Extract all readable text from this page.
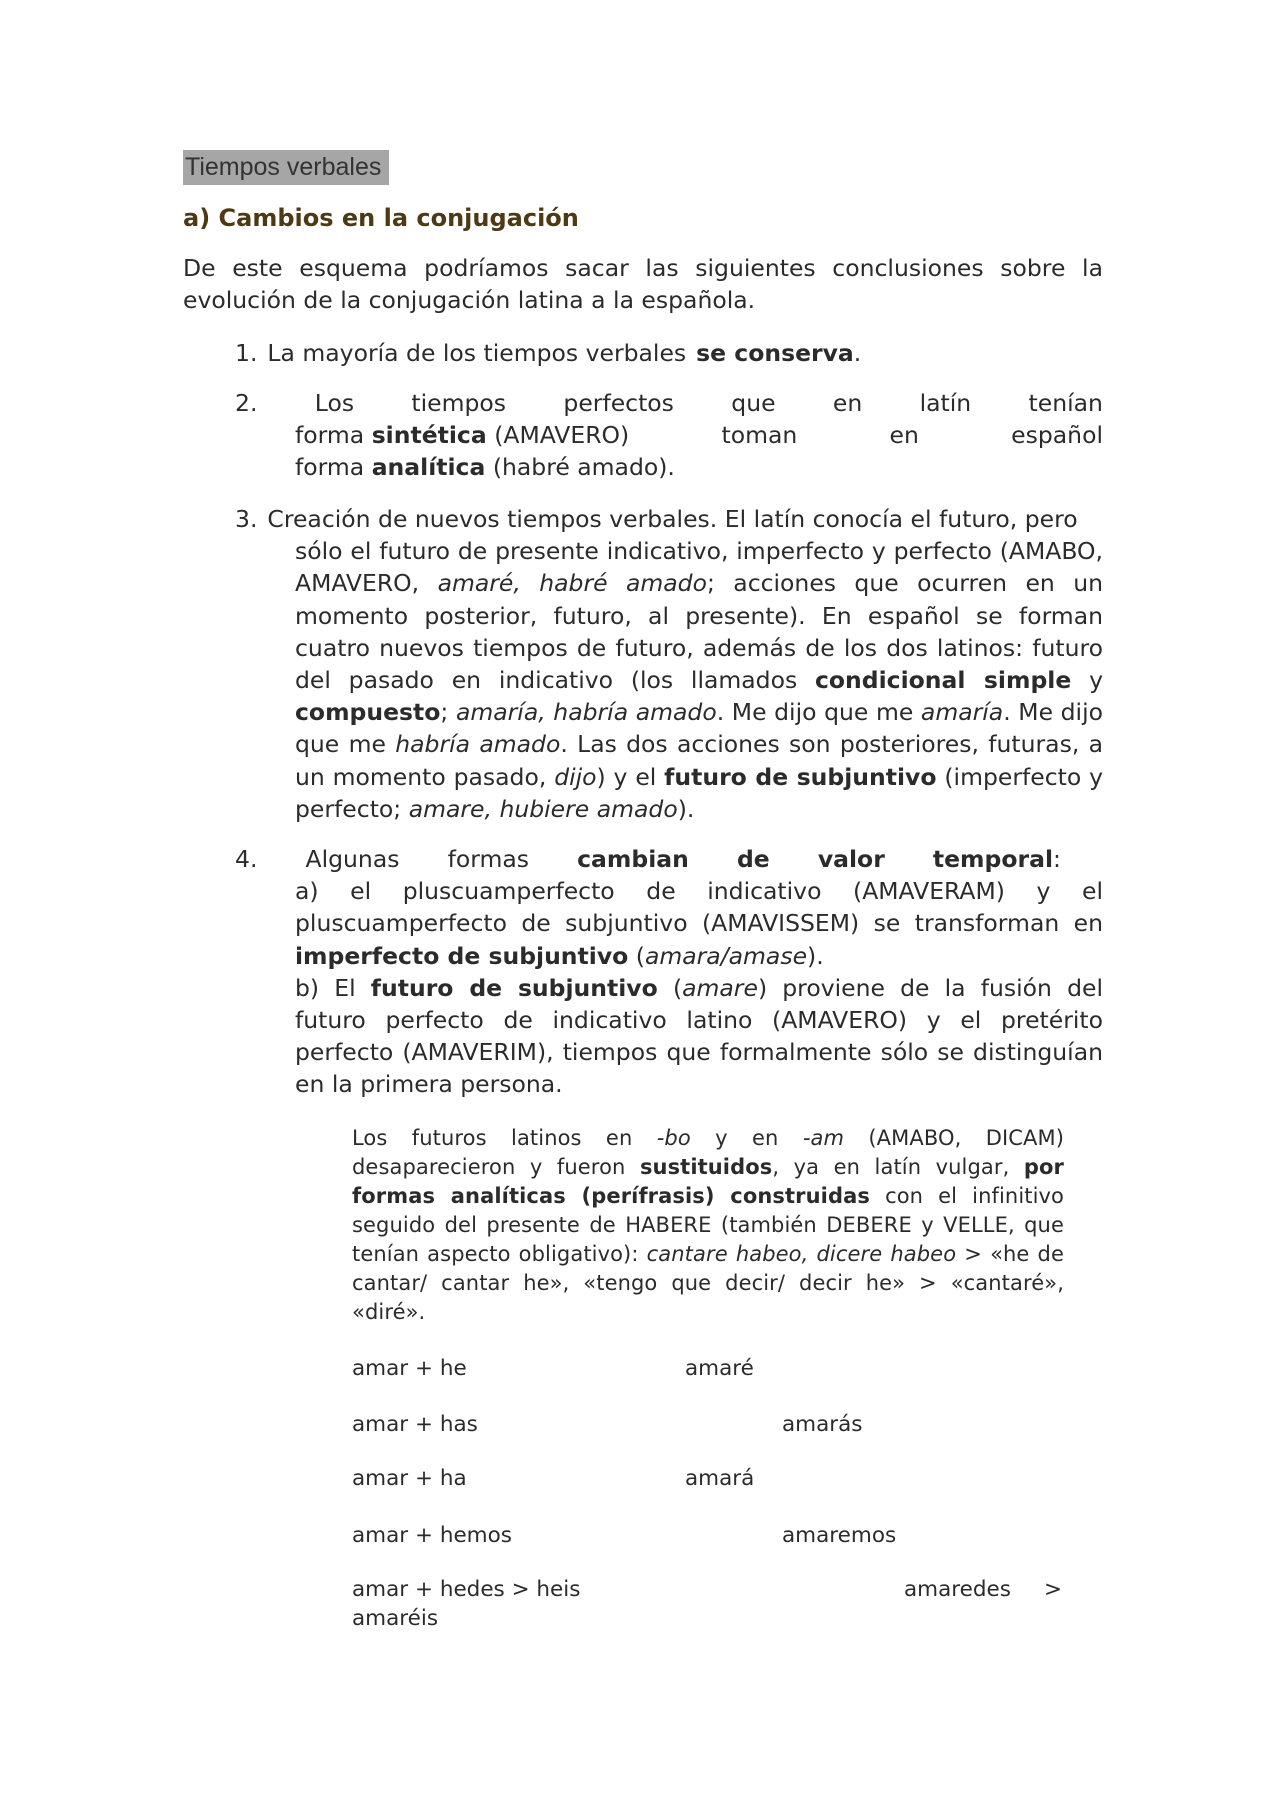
Tiempos verbales
a) Cambios en la conjugación
De este esquema podríamos sacar las siguientes conclusiones sobre la evolución de la conjugación latina a la española.
1. La mayoría de los tiempos verbales se conserva .
2. Los tiempos perfectos que en latín tenían
forma sintética (AMAVERO)	toman	en	español
forma analítica (habré amado).
3. Creación de nuevos tiempos verbales. El latín conocía el futuro, pero
sólo el futuro de presente indicativo, imperfecto y perfecto (AMABO, AMAVERO, amaré, habré amado; acciones que ocurren en un momento posterior, futuro, al presente). En español se forman cuatro nuevos tiempos de futuro, además de los dos latinos: futuro del pasado en indicativo (los llamados condicional simple y compuesto; amaría, habría amado. Me dijo que me amaría. Me dijo que me habría amado. Las dos acciones son posteriores, futuras, a un momento pasado, dijo) y el futuro de subjuntivo (imperfecto y perfecto; amare, hubiere amado).
4. Algunas formas cambian de valor temporal:

a) el pluscuamperfecto de indicativo (AMAVERAM) y el pluscuamperfecto de subjuntivo (AMAVISSEM) se transforman en imperfecto de subjuntivo (amara/amase).

b) El futuro de subjuntivo (amare) proviene de la fusión del futuro perfecto de indicativo latino (AMAVERO) y el pretérito perfecto (AMAVERIM), tiempos que formalmente sólo se distinguían en la primera persona.

Los futuros latinos en -bo y en -am (AMABO, DICAM) desaparecieron y fueron sustituidos, ya en latín vulgar, por formas analíticas (perífrasis) construidas con el infinitivo seguido del presente de HABERE (también DEBERE y VELLE, que tenían aspecto obligativo): cantare habeo, dicere habeo > «he de cantar/ cantar he», «tengo que decir/ decir he» > «cantaré», «diré».
amar + he	amaré
amar + has	amarás
amar + ha	amará
amar + hemos	amaremos
amar + hedes > heis	amaredes >
amaréis
